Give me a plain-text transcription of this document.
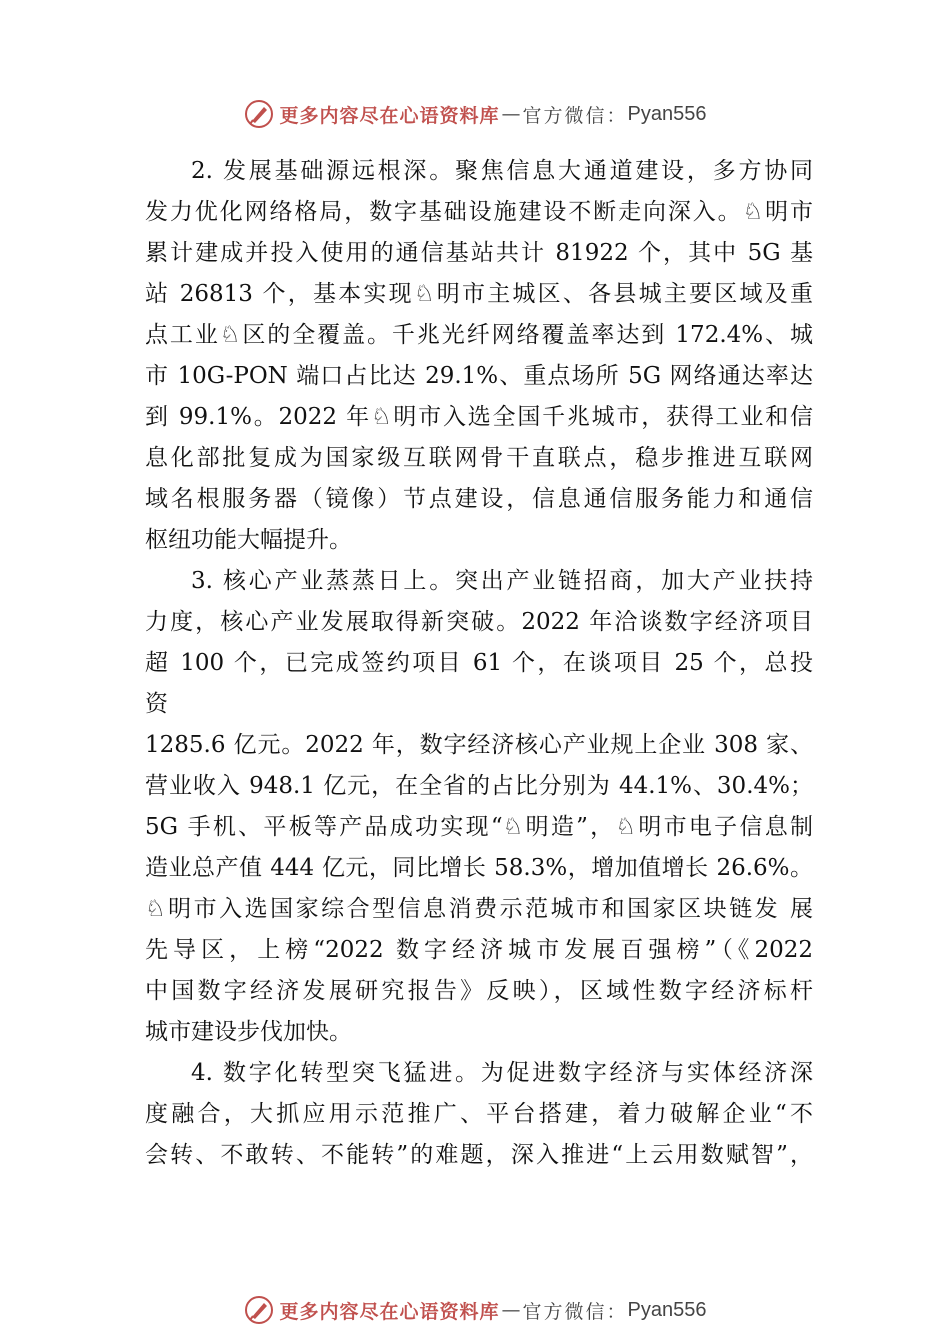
更多内容尽在心语资料库 — 官方微信： Pyan556
2. 发展基础源远根深。聚焦信息大通道建设，多方协同
发力优化网络格局，数字基础设施建设不断走向深入。♘明市
累计建成并投入使用的通信基站共计 81922 个，其中 5G 基
站 26813 个，基本实现♘明市主城区、各县城主要区域及重
点工业♘区的全覆盖。千兆光纤网络覆盖率达到 172.4%、城
市 10G-PON 端口占比达 29.1%、重点场所 5G 网络通达率达
到 99.1%。2022 年♘明市入选全国千兆城市，获得工业和信
息化部批复成为国家级互联网骨干直联点，稳步推进互联网
域名根服务器（镜像）节点建设，信息通信服务能力和通信
枢纽功能大幅提升。
3. 核心产业蒸蒸日上。突出产业链招商，加大产业扶持
力度，核心产业发展取得新突破。2022 年洽谈数字经济项目
超 100 个，已完成签约项目 61 个，在谈项目 25 个，总投
资
1285.6 亿元。2022 年，数字经济核心产业规上企业 308 家、
营业收入 948.1 亿元，在全省的占比分别为 44.1%、30.4%；
5G 手机、平板等产品成功实现“♘明造”，♘明市电子信息制
造业总产值 444 亿元，同比增长 58.3%，增加值增长 26.6%。
♘明市入选国家综合型信息消费示范城市和国家区块链发 展
先导区，上榜“2022 数字经济城市发展百强榜”（《2022
中国数字经济发展研究报告》反映），区域性数字经济标杆
城市建设步伐加快。
4. 数字化转型突飞猛进。为促进数字经济与实体经济深
度融合，大抓应用示范推广、平台搭建，着力破解企业“不
会转、不敢转、不能转”的难题，深入推进“上云用数赋智”，
更多内容尽在心语资料库 — 官方微信： Pyan556
